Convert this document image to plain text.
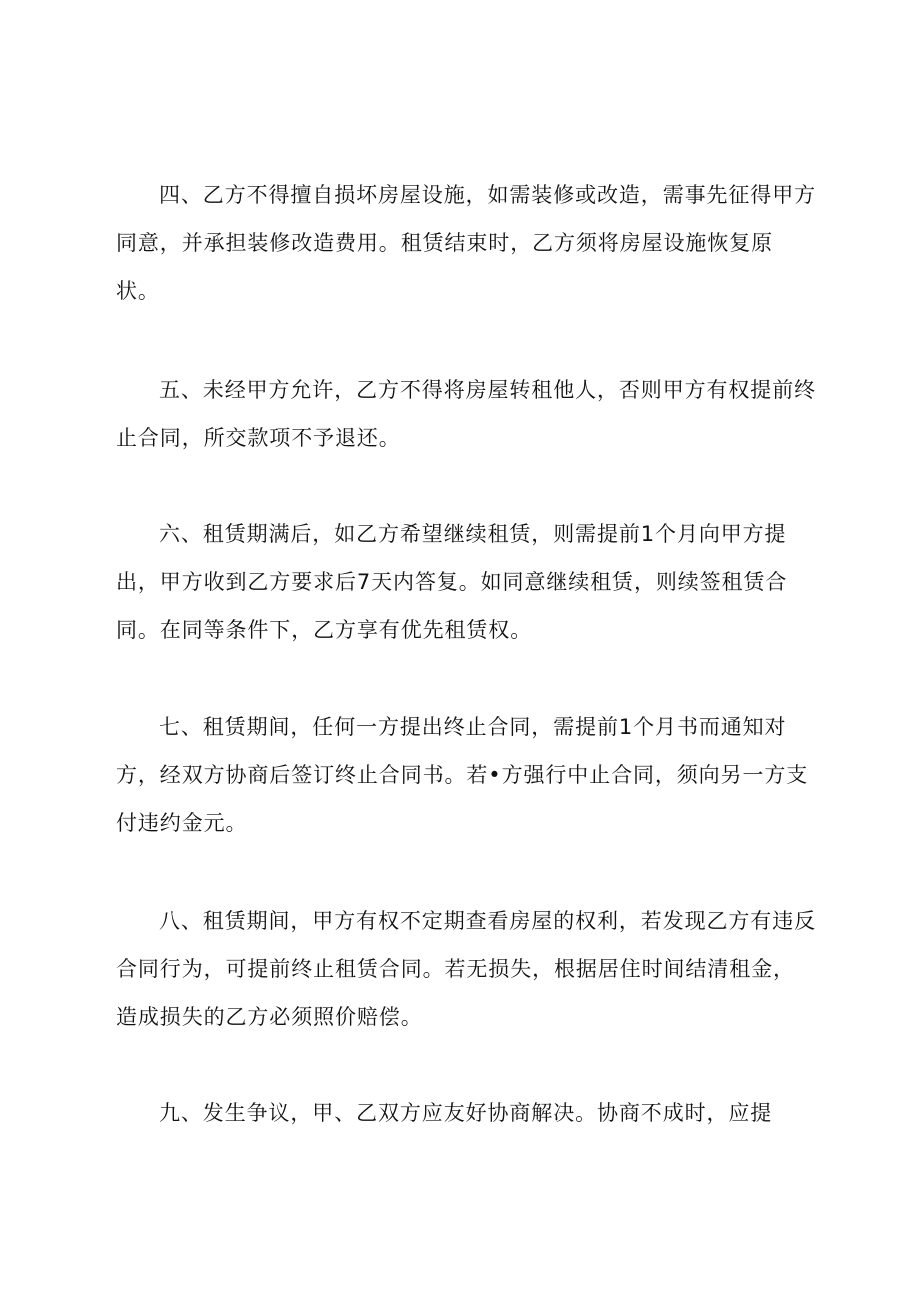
四、乙方不得擅自损坏房屋设施，如需装修或改造，需事先征得甲方同意，并承担装修改造费用。租赁结束时，乙方须将房屋设施恢复原状。

五、未经甲方允许，乙方不得将房屋转租他人，否则甲方有权提前终止合同，所交款项不予退还。

六、租赁期满后，如乙方希望继续租赁，则需提前1个月向甲方提出，甲方收到乙方要求后7天内答复。如同意继续租赁，则续签租赁合同。在同等条件下，乙方享有优先租赁权。

七、租赁期间，任何一方提出终止合同，需提前1个月书而通知对方，经双方协商后签订终止合同书。若•方强行中止合同，须向另一方支付违约金元。

八、租赁期间，甲方有权不定期查看房屋的权利，若发现乙方有违反合同行为，可提前终止租赁合同。若无损失，根据居住时间结清租金，造成损失的乙方必须照价赔偿。

九、发生争议，甲、乙双方应友好协商解决。协商不成时，应提
